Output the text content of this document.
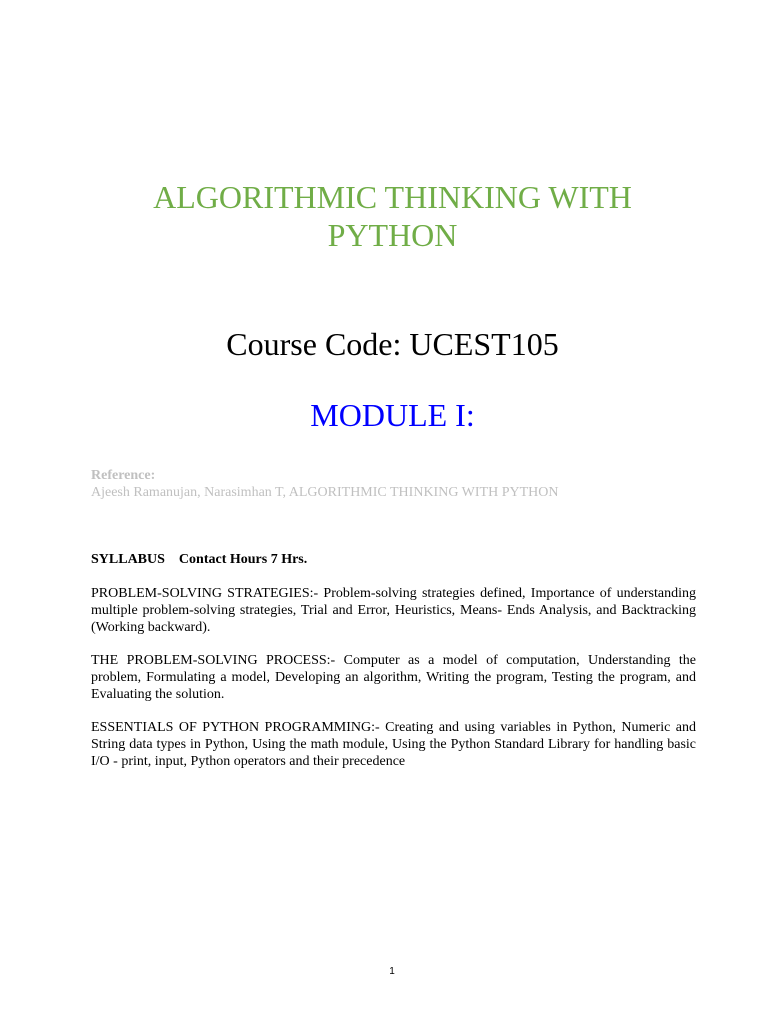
ALGORITHMIC THINKING WITH PYTHON
Course Code: UCEST105
MODULE I:
Reference:
Ajeesh Ramanujan, Narasimhan T, ALGORITHMIC THINKING WITH PYTHON
SYLLABUS    Contact Hours 7 Hrs.

PROBLEM-SOLVING STRATEGIES:- Problem-solving strategies defined, Importance of understanding multiple problem-solving strategies, Trial and Error, Heuristics, Means- Ends Analysis, and Backtracking (Working backward).

THE PROBLEM-SOLVING PROCESS:- Computer as a model of computation, Understanding the problem, Formulating a model, Developing an algorithm, Writing the program, Testing the program, and Evaluating the solution.

ESSENTIALS OF PYTHON PROGRAMMING:- Creating and using variables in Python, Numeric and String data types in Python, Using the math module, Using the Python Standard Library for handling basic I/O - print, input, Python operators and their precedence

1
